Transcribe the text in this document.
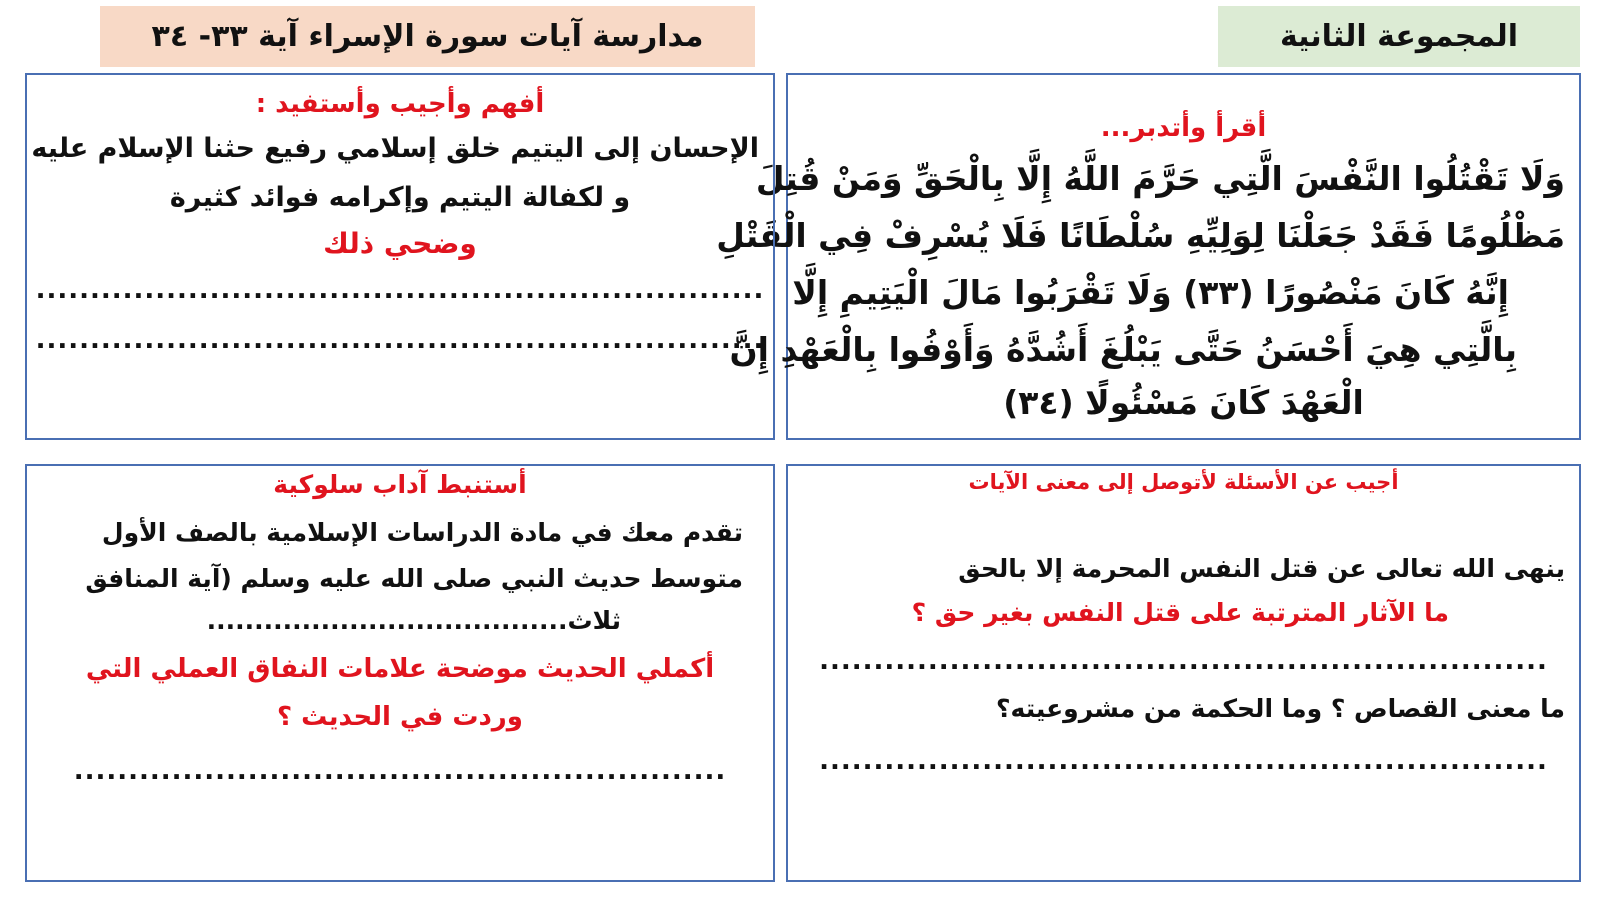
مدارسة آيات سورة الإسراء آية ٣٣- ٣٤	المجموعة الثانية
أقرأ وأتدبر...
وَلَا تَقْتُلُوا النَّفْسَ الَّتِي حَرَّمَ اللَّهُ إِلَّا بِالْحَقِّ وَمَنْ قُتِلَ
مَظْلُومًا فَقَدْ جَعَلْنَا لِوَلِيِّهِ سُلْطَانًا فَلَا يُسْرِفْ فِي الْقَتْلِ
إِنَّهُ كَانَ مَنْصُورًا (٣٣) وَلَا تَقْرَبُوا مَالَ الْيَتِيمِ إِلَّا
بِالَّتِي هِيَ أَحْسَنُ حَتَّى يَبْلُغَ أَشُدَّهُ وَأَوْفُوا بِالْعَهْدِ إِنَّ
الْعَهْدَ كَانَ مَسْئُولًا (٣٤)
أفهم وأجيب وأستفيد :
الإحسان إلى اليتيم خلق إسلامي رفيع حثنا الإسلام عليه
و لكفالة اليتيم وإكرامه فوائد كثيرة
وضحي ذلك
...................................................................
...................................................................
أجيب عن الأسئلة لأتوصل إلى معنى الآيات
ينهى الله تعالى عن قتل النفس المحرمة إلا بالحق
ما الآثار المترتبة على قتل النفس بغير حق ؟
...................................................................
ما معنى القصاص ؟ وما الحكمة من مشروعيته؟
...................................................................
أستنبط آداب سلوكية
تقدم معك في مادة الدراسات الإسلامية بالصف الأول
متوسط حديث النبي صلى الله عليه وسلم (آية المنافق
ثلاث......................................
أكملي الحديث موضحة علامات النفاق العملي التي
وردت في الحديث ؟
............................................................
